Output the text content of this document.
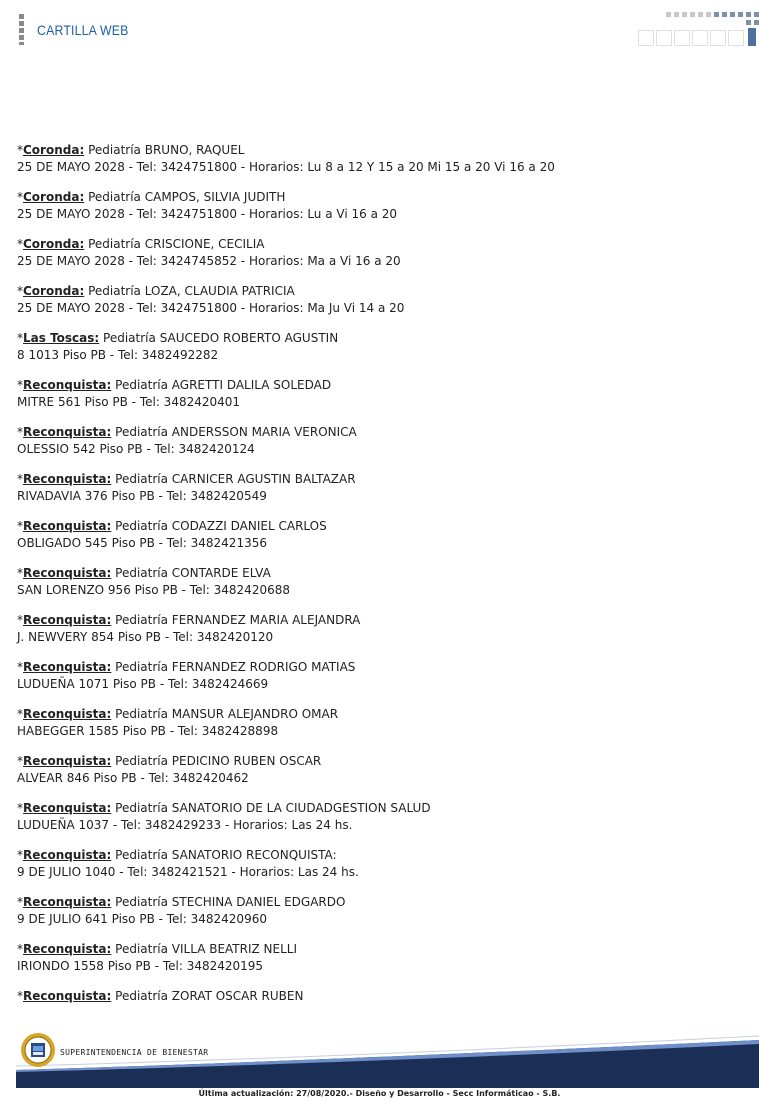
CARTILLA WEB
*Coronda: Pediatría BRUNO, RAQUEL
25 DE MAYO 2028 - Tel: 3424751800 - Horarios: Lu 8 a 12 Y 15 a 20 Mi 15 a 20 Vi 16 a 20
*Coronda: Pediatría CAMPOS, SILVIA JUDITH
25 DE MAYO 2028 - Tel: 3424751800 - Horarios: Lu a Vi 16 a 20
*Coronda: Pediatría CRISCIONE, CECILIA
25 DE MAYO 2028 - Tel: 3424745852 - Horarios: Ma a Vi 16 a 20
*Coronda: Pediatría LOZA, CLAUDIA PATRICIA
25 DE MAYO 2028 - Tel: 3424751800 - Horarios: Ma Ju Vi 14 a 20
*Las Toscas: Pediatría SAUCEDO ROBERTO AGUSTIN
8 1013 Piso PB - Tel: 3482492282
*Reconquista: Pediatría AGRETTI DALILA SOLEDAD
MITRE 561 Piso PB - Tel: 3482420401
*Reconquista: Pediatría ANDERSSON MARIA VERONICA
OLESSIO 542 Piso PB - Tel: 3482420124
*Reconquista: Pediatría CARNICER AGUSTIN BALTAZAR
RIVADAVIA 376 Piso PB - Tel: 3482420549
*Reconquista: Pediatría CODAZZI DANIEL CARLOS
OBLIGADO 545 Piso PB - Tel: 3482421356
*Reconquista: Pediatría CONTARDE ELVA
SAN LORENZO 956 Piso PB - Tel: 3482420688
*Reconquista: Pediatría FERNANDEZ MARIA ALEJANDRA
J. NEWVERY 854 Piso PB - Tel: 3482420120
*Reconquista: Pediatría FERNANDEZ RODRIGO MATIAS
LUDUEÑA 1071 Piso PB - Tel: 3482424669
*Reconquista: Pediatría MANSUR ALEJANDRO OMAR
HABEGGER 1585 Piso PB - Tel: 3482428898
*Reconquista: Pediatría PEDICINO RUBEN OSCAR
ALVEAR 846 Piso PB - Tel: 3482420462
*Reconquista: Pediatría SANATORIO DE LA CIUDADGESTION SALUD
LUDUEÑA 1037 - Tel: 3482429233 - Horarios: Las 24 hs.
*Reconquista: Pediatría SANATORIO RECONQUISTA:
9 DE JULIO 1040 - Tel: 3482421521 - Horarios: Las 24 hs.
*Reconquista: Pediatría STECHINA DANIEL EDGARDO
9 DE JULIO 641 Piso PB - Tel: 3482420960
*Reconquista: Pediatría VILLA BEATRIZ NELLI
IRIONDO 1558 Piso PB - Tel: 3482420195
*Reconquista: Pediatría ZORAT OSCAR RUBEN
SUPERINTENDENCIA DE BIENESTAR
Última actualización: 27/08/2020.- Diseño y Desarrollo - Secc Informáticao - S.B.
